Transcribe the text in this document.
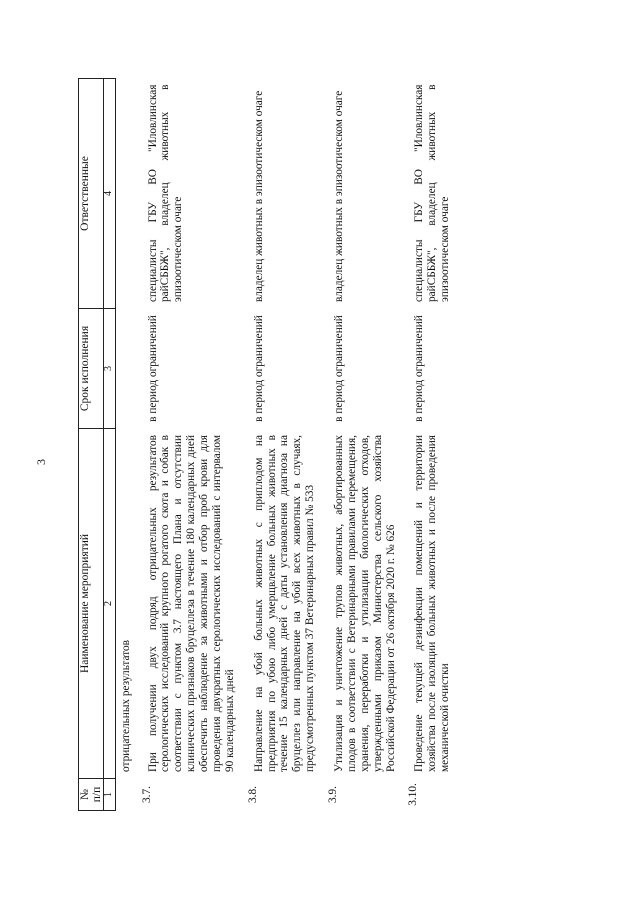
3
№ п/п	Наименование мероприятий	Срок исполнения	Ответственные
1	2	3	4
	отрицательных результатов		
3.7.	При получении двух подряд отрицательных результатов серологических исследований крупного рогатого скота и собак в соответствии с пунктом 3.7 настоящего Плана и отсутствии клинических признаков бруцеллеза в течение 180 календарных дней обеспечить наблюдение за животными и отбор проб крови для проведения двукратных серологических исследований с интервалом 90 календарных дней	в период ограничений	специалисты ГБУ ВО "Иловлинская райСББЖ", владелец животных в эпизоотическом очаге
3.8.	Направление на убой больных животных с приплодом на предприятия по убою либо умерщвление больных животных в течение 15 календарных дней с даты установления диагноза на бруцеллез или направление на убой всех животных в случаях, предусмотренных пунктом 37 Ветеринарных правил № 533	в период ограничений	владелец животных в эпизоотическом очаге
3.9.	Утилизация и уничтожение трупов животных, абортированных плодов в соответствии с Ветеринарными правилами перемещения, хранения, переработки и утилизации биологических отходов, утвержденными приказом Министерства сельского хозяйства Российской Федерации от 26 октября 2020 г. № 626	в период ограничений	владелец животных в эпизоотическом очаге
3.10.	Проведение текущей дезинфекции помещений и территории хозяйства после изоляции больных животных и после проведения механической очистки	в период ограничений	специалисты ГБУ ВО "Иловлинская райСББЖ", владелец животных в эпизоотическом очаге
